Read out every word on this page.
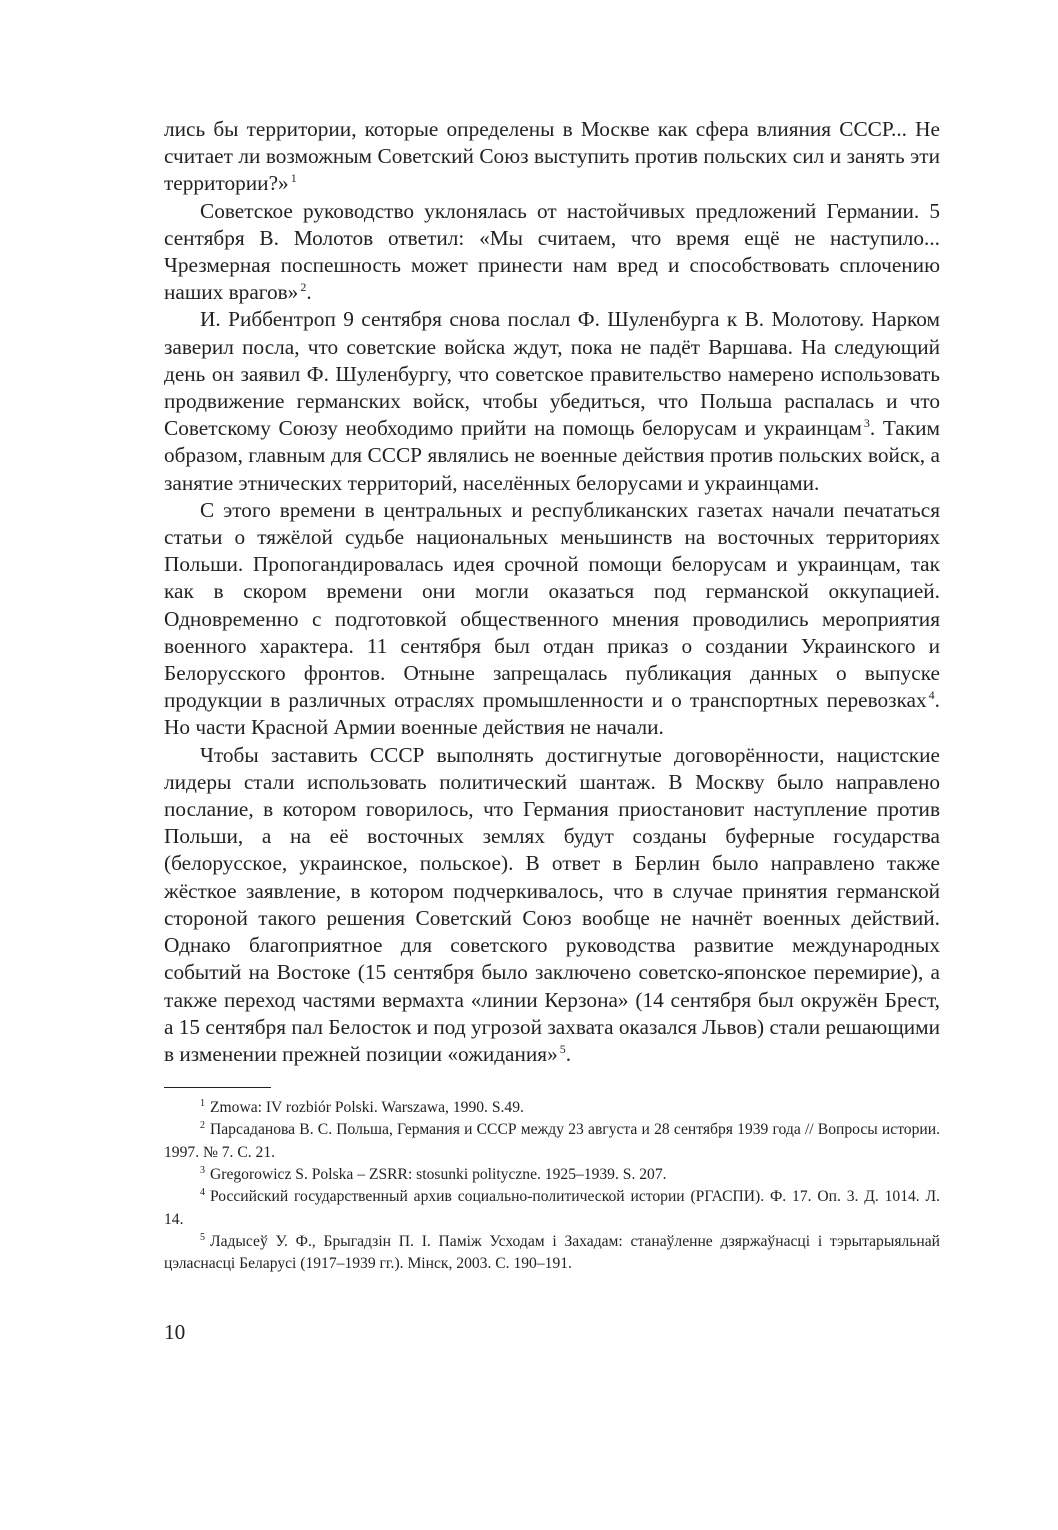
лись бы территории, которые определены в Москве как сфера влияния СССР... Не считает ли возможным Советский Союз выступить против польских сил и занять эти территории?» $^1$

Советское руководство уклонялась от настойчивых предложений Германии. 5 сентября В. Молотов ответил: «Мы считаем, что время ещё не наступило... Чрезмерная поспешность может принести нам вред и способствовать сплочению наших врагов» $^2$.

И. Риббентроп 9 сентября снова послал Ф. Шуленбурга к В. Молотову. Нарком заверил посла, что советские войска ждут, пока не падёт Варшава. На следующий день он заявил Ф. Шуленбургу, что советское правительство намерено использовать продвижение германских войск, чтобы убедиться, что Польша распалась и что Советскому Союзу необходимо прийти на помощь белорусам и украинцам $^3$. Таким образом, главным для СССР являлись не военные действия против польских войск, а занятие этнических территорий, населённых белорусами и украинцами.

С этого времени в центральных и республиканских газетах начали печататься статьи о тяжёлой судьбе национальных меньшинств на восточных территориях Польши. Пропогандировалась идея срочной помощи белорусам и украинцам, так как в скором времени они могли оказаться под германской оккупацией. Одновременно с подготовкой общественного мнения проводились мероприятия военного характера. 11 сентября был отдан приказ о создании Украинского и Белорусского фронтов. Отныне запрещалась публикация данных о выпуске продукции в различных отраслях промышленности и о транспортных перевозках $^4$. Но части Красной Армии военные действия не начали.

Чтобы заставить СССР выполнять достигнутые договорённости, нацистские лидеры стали использовать политический шантаж. В Москву было направлено послание, в котором говорилось, что Германия приостановит наступление против Польши, а на её восточных землях будут созданы буферные государства (белорусское, украинское, польское). В ответ в Берлин было направлено также жёсткое заявление, в котором подчеркивалось, что в случае принятия германской стороной такого решения Советский Союз вообще не начнёт военных действий. Однако благоприятное для советского руководства развитие международных событий на Востоке (15 сентября было заключено советско-японское перемирие), а также переход частями вермахта «линии Керзона» (14 сентября был окружён Брест, а 15 сентября пал Белосток и под угрозой захвата оказался Львов) стали решающими в изменении прежней позиции «ожидания» $^5$.

$^1$ Zmowa: IV rozbiór Polski. Warszawa, 1990. S.49.

$^2$ Парсаданова В. С. Польша, Германия и СССР между 23 августа и 28 сентября 1939 года // Вопросы истории. 1997. № 7. С. 21.

$^3$ Gregorowicz S. Polska – ZSRR: stosunki polityczne. 1925–1939. S. 207.

$^4$ Российский государственный архив социально-политической истории (РГАСПИ). Ф. 17. Оп. 3. Д. 1014. Л. 14.

$^5$ Ладысеў У. Ф., Брыгадзін П. І. Паміж Усходам і Захадам: станаўленне дзяржаўнасці і тэрытарыяльнай цэласнасці Беларусі (1917–1939 гг.). Мінск, 2003. С. 190–191.

10
